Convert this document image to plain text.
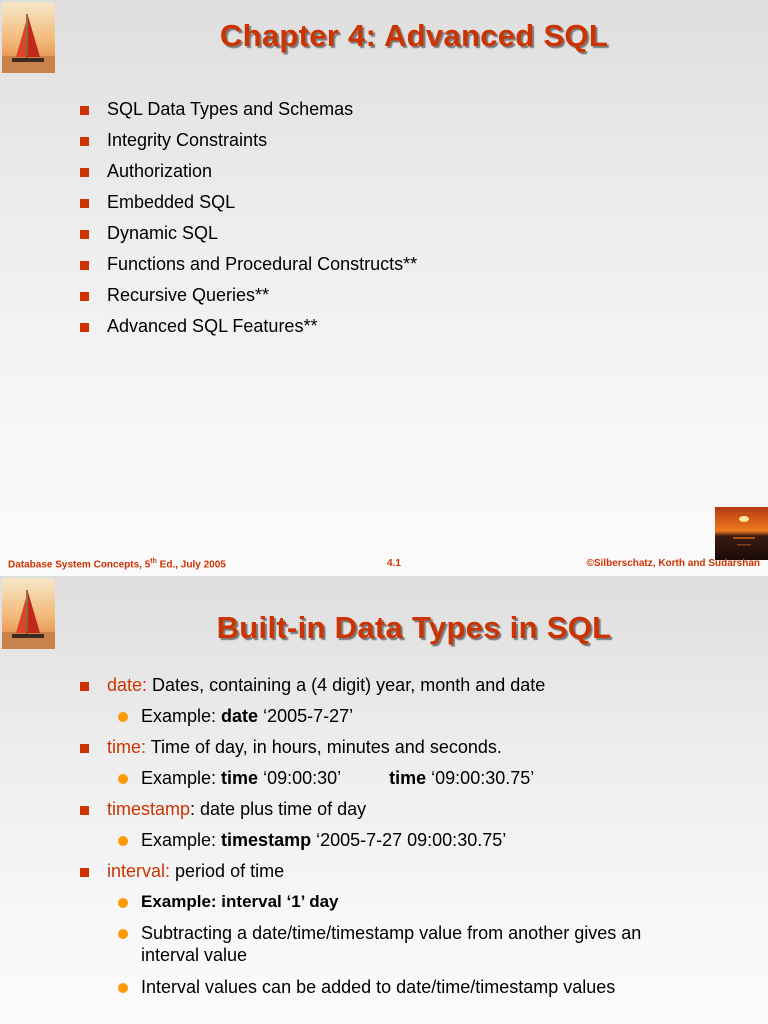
Chapter 4: Advanced SQL
SQL Data Types and Schemas
Integrity Constraints
Authorization
Embedded SQL
Dynamic SQL
Functions and Procedural Constructs**
Recursive Queries**
Advanced SQL Features**
Database System Concepts, 5th Ed., July 2005	4.1	©Silberschatz, Korth and Sudarshan
Built-in Data Types in SQL
date: Dates, containing a (4 digit) year, month and date
Example: date ‘2005-7-27’
time: Time of day, in hours, minutes and seconds.
Example: time ‘09:00:30’	time ‘09:00:30.75’
timestamp: date plus time of day
Example: timestamp ‘2005-7-27 09:00:30.75’
interval: period of time
Example: interval ‘1’ day
Subtracting a date/time/timestamp value from another gives an interval value
Interval values can be added to date/time/timestamp values
